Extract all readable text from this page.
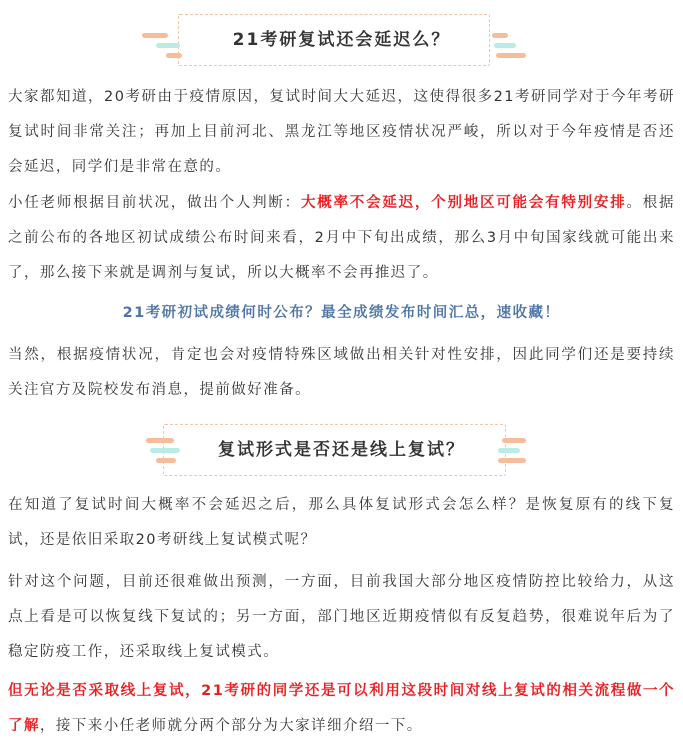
21考研复试还会延迟么？

大家都知道，20考研由于疫情原因，复试时间大大延迟，这使得很多21考研同学对于今年考研复试时间非常关注；再加上目前河北、黑龙江等地区疫情状况严峻，所以对于今年疫情是否还会延迟，同学们是非常在意的。

小任老师根据目前状况，做出个人判断：大概率不会延迟，个别地区可能会有特别安排。根据之前公布的各地区初试成绩公布时间来看，2月中下旬出成绩，那么3月中旬国家线就可能出来了，那么接下来就是调剂与复试，所以大概率不会再推迟了。

21考研初试成绩何时公布？最全成绩发布时间汇总，速收藏！

当然，根据疫情状况，肯定也会对疫情特殊区域做出相关针对性安排，因此同学们还是要持续关注官方及院校发布消息，提前做好准备。

复试形式是否还是线上复试？

在知道了复试时间大概率不会延迟之后，那么具体复试形式会怎么样？是恢复原有的线下复试，还是依旧采取20考研线上复试模式呢？

针对这个问题，目前还很难做出预测，一方面，目前我国大部分地区疫情防控比较给力，从这点上看是可以恢复线下复试的；另一方面，部门地区近期疫情似有反复趋势，很难说年后为了稳定防疫工作，还采取线上复试模式。

但无论是否采取线上复试，21考研的同学还是可以利用这段时间对线上复试的相关流程做一个了解，接下来小任老师就分两个部分为大家详细介绍一下。
